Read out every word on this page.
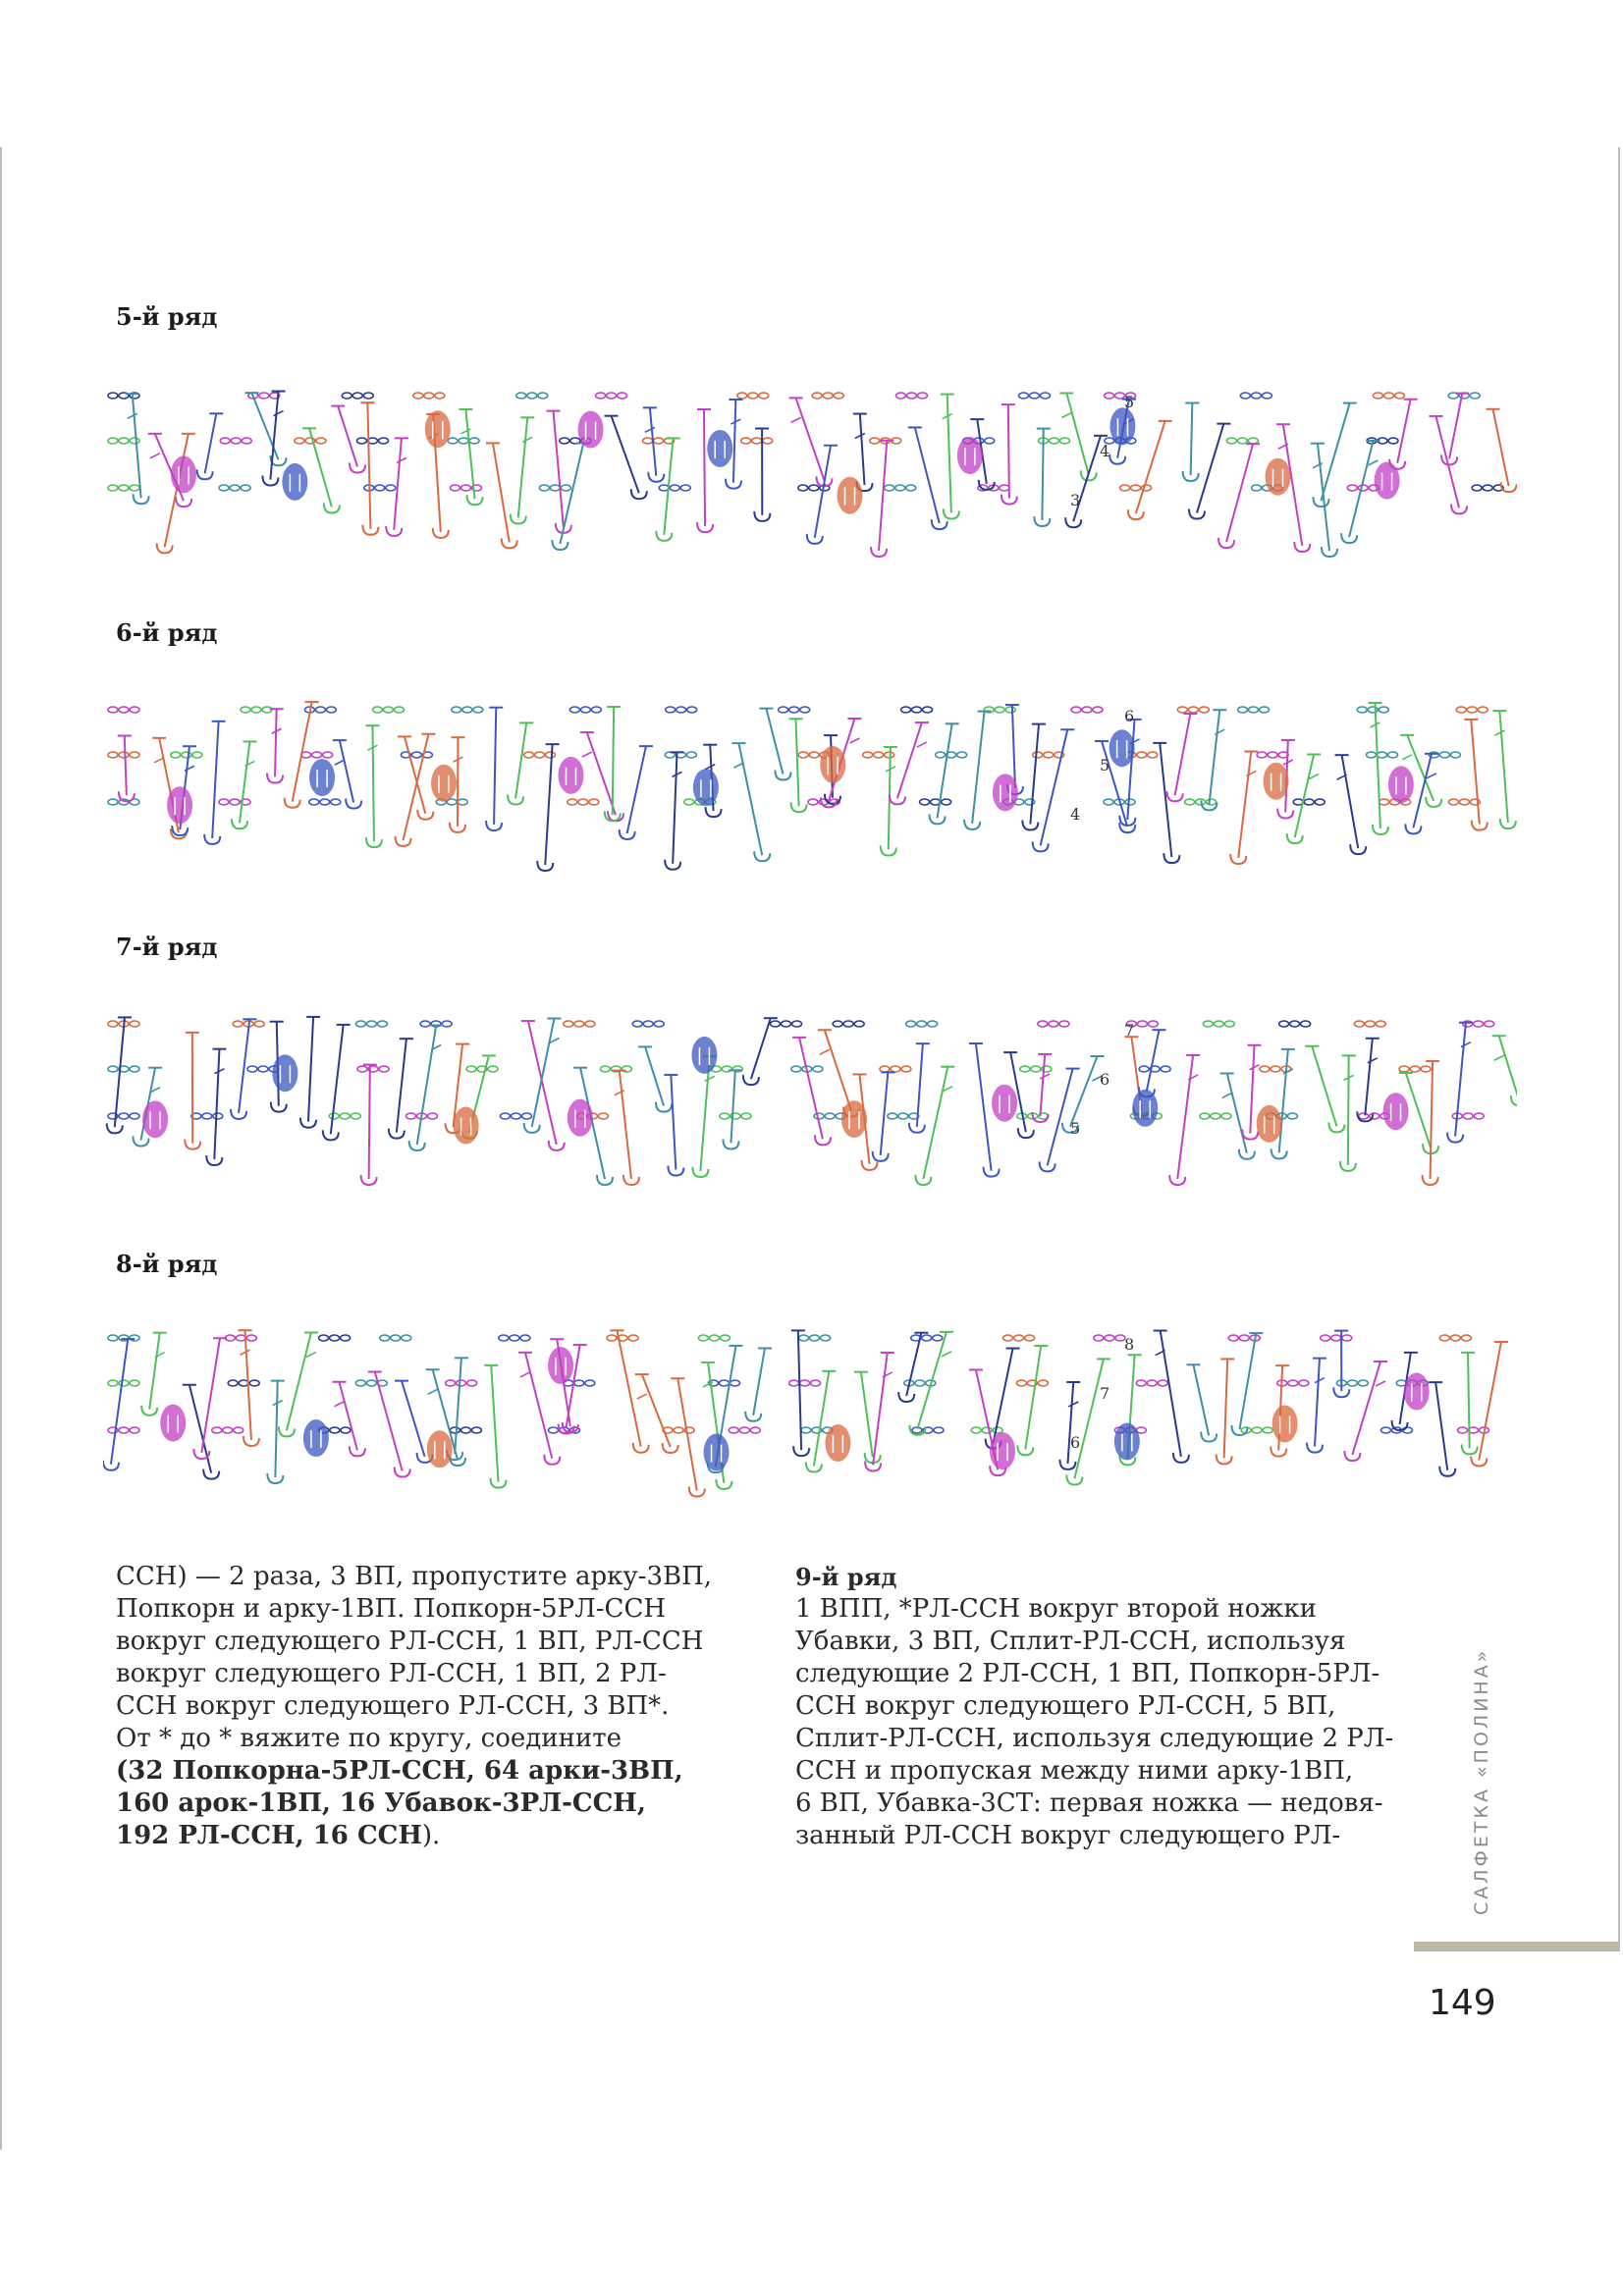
5-й ряд
5
4
3
6-й ряд
6
5
4
7-й ряд
7
6
5
8-й ряд
8
7
6

ССН) — 2 раза, 3 ВП, пропустите арку-3ВП,

Попкорн и арку-1ВП. Попкорн-5РЛ-ССН

вокруг следующего РЛ-ССН, 1 ВП, РЛ-ССН

вокруг следующего РЛ-ССН, 1 ВП, 2 РЛ-

ССН вокруг следующего РЛ-ССН, 3 ВП*.

От * до * вяжите по кругу, соедините

(32 Попкорна-5РЛ-ССН, 64 арки-3ВП,

160 арок-1ВП, 16 Убавок-3РЛ-ССН,

192 РЛ-ССН, 16 ССН).

9-й ряд

1 ВПП, *РЛ-ССН вокруг второй ножки

Убавки, 3 ВП, Сплит-РЛ-ССН, используя

следующие 2 РЛ-ССН, 1 ВП, Попкорн-5РЛ-

ССН вокруг следующего РЛ-ССН, 5 ВП,

Сплит-РЛ-ССН, используя следующие 2 РЛ-

ССН и пропуская между ними арку-1ВП,

6 ВП, Убавка-3СТ: первая ножка — недовя-

занный РЛ-ССН вокруг следующего РЛ-	САЛФЕТКА «ПОЛИНА»
149
